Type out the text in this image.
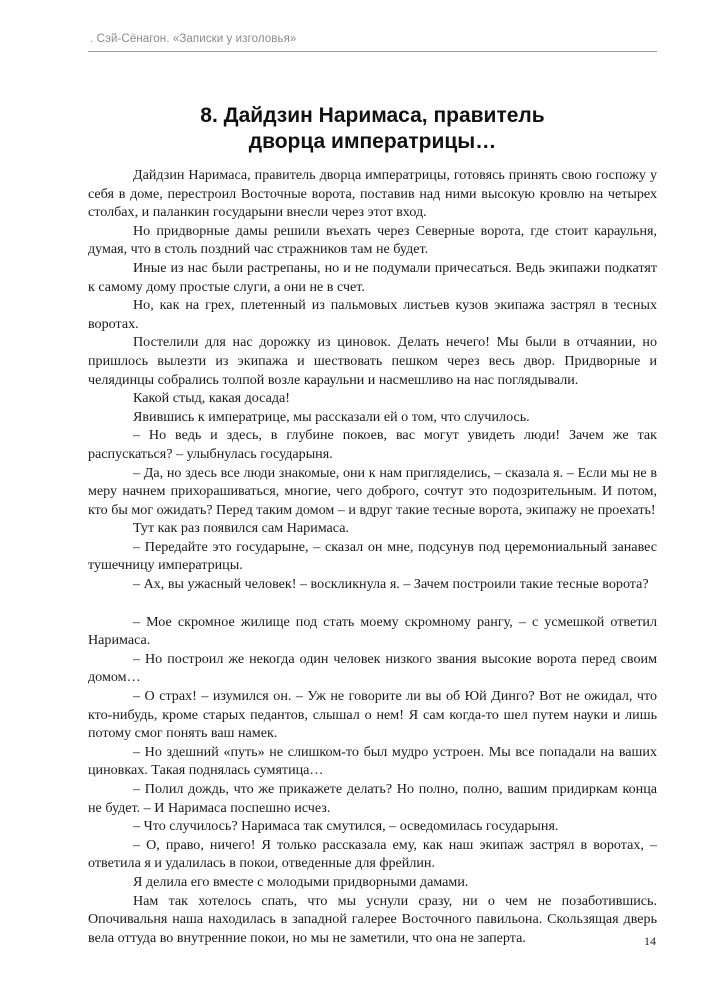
. Сэй-Сёнагон. «Записки у изголовья»
8. Дайдзин Наримаса, правитель
дворца императрицы…

Дайдзин Наримаса, правитель дворца императрицы, готовясь принять свою госпожу у себя в доме, перестроил Восточные ворота, поставив над ними высокую кровлю на четырех столбах, и паланкин государыни внесли через этот вход.

Но придворные дамы решили въехать через Северные ворота, где стоит караульня, думая, что в столь поздний час стражников там не будет.

Иные из нас были растрепаны, но и не подумали причесаться. Ведь экипажи подкатят к самому дому простые слуги, а они не в счет.

Но, как на грех, плетенный из пальмовых листьев кузов экипажа застрял в тесных воротах.

Постелили для нас дорожку из циновок. Делать нечего! Мы были в отчаянии, но пришлось вылезти из экипажа и шествовать пешком через весь двор. Придворные и челядинцы собрались толпой возле караульни и насмешливо на нас поглядывали.

Какой стыд, какая досада!

Явившись к императрице, мы рассказали ей о том, что случилось.

– Но ведь и здесь, в глубине покоев, вас могут увидеть люди! Зачем же так распускаться? – улыбнулась государыня.

– Да, но здесь все люди знакомые, они к нам пригляделись, – сказала я. – Если мы не в меру начнем прихорашиваться, многие, чего доброго, сочтут это подозрительным. И потом, кто бы мог ожидать? Перед таким домом – и вдруг такие тесные ворота, экипажу не проехать!

Тут как раз появился сам Наримаса.

– Передайте это государыне, – сказал он мне, подсунув под церемониальный занавес тушечницу императрицы.

– Ах, вы ужасный человек! – воскликнула я. – Зачем построили такие тесные ворота?

– Мое скромное жилище под стать моему скромному рангу, – с усмешкой ответил Наримаса.

– Но построил же некогда один человек низкого звания высокие ворота перед своим домом…

– О страх! – изумился он. – Уж не говорите ли вы об Юй Динго? Вот не ожидал, что кто-нибудь, кроме старых педантов, слышал о нем! Я сам когда-то шел путем науки и лишь потому смог понять ваш намек.

– Но здешний «путь» не слишком-то был мудро устроен. Мы все попадали на ваших циновках. Такая поднялась сумятица…

– Полил дождь, что же прикажете делать? Но полно, полно, вашим придиркам конца не будет. – И Наримаса поспешно исчез.

– Что случилось? Наримаса так смутился, – осведомилась государыня.

– О, право, ничего! Я только рассказала ему, как наш экипаж застрял в воротах, – ответила я и удалилась в покои, отведенные для фрейлин.

Я делила его вместе с молодыми придворными дамами.

Нам так хотелось спать, что мы уснули сразу, ни о чем не позаботившись. Опочивальня наша находилась в западной галерее Восточного павильона. Скользящая дверь вела оттуда во внутренние покои, но мы не заметили, что она не заперта.	14
